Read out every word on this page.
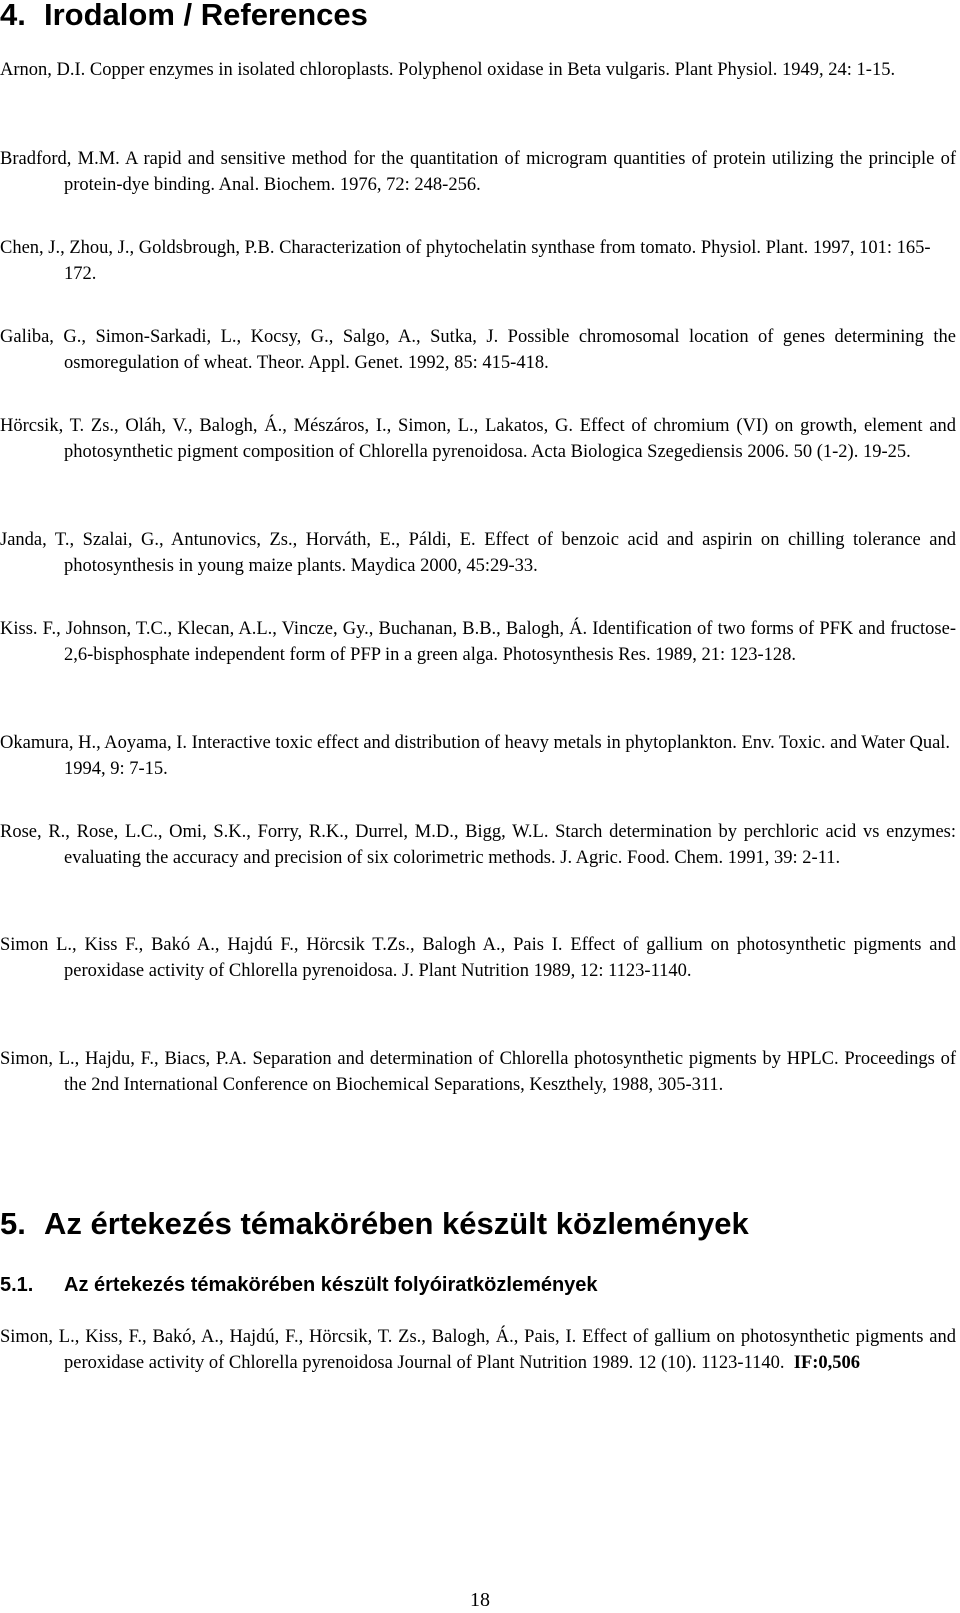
4. Irodalom / References
Arnon, D.I. Copper enzymes in isolated chloroplasts. Polyphenol oxidase in Beta vulgaris. Plant Physiol. 1949, 24: 1-15.
Bradford, M.M. A rapid and sensitive method for the quantitation of microgram quantities of protein utilizing the principle of protein-dye binding. Anal. Biochem. 1976, 72: 248-256.
Chen, J., Zhou, J., Goldsbrough, P.B. Characterization of phytochelatin synthase from tomato. Physiol. Plant. 1997, 101: 165-172.
Galiba, G., Simon-Sarkadi, L., Kocsy, G., Salgo, A., Sutka, J. Possible chromosomal location of genes determining the osmoregulation of wheat. Theor. Appl. Genet. 1992, 85: 415-418.
Hörcsik, T. Zs., Oláh, V., Balogh, Á., Mészáros, I., Simon, L., Lakatos, G. Effect of chromium (VI) on growth, element and photosynthetic pigment composition of Chlorella pyrenoidosa. Acta Biologica Szegediensis 2006. 50 (1-2). 19-25.
Janda, T., Szalai, G., Antunovics, Zs., Horváth, E., Páldi, E. Effect of benzoic acid and aspirin on chilling tolerance and photosynthesis in young maize plants. Maydica 2000, 45:29-33.
Kiss. F., Johnson, T.C., Klecan, A.L., Vincze, Gy., Buchanan, B.B., Balogh, Á. Identification of two forms of PFK and fructose-2,6-bisphosphate independent form of PFP in a green alga. Photosynthesis Res. 1989, 21: 123-128.
Okamura, H., Aoyama, I. Interactive toxic effect and distribution of heavy metals in phytoplankton. Env. Toxic. and Water Qual. 1994, 9: 7-15.
Rose, R., Rose, L.C., Omi, S.K., Forry, R.K., Durrel, M.D., Bigg, W.L. Starch determination by perchloric acid vs enzymes: evaluating the accuracy and precision of six colorimetric methods. J. Agric. Food. Chem. 1991, 39: 2-11.
Simon L., Kiss F., Bakó A., Hajdú F., Hörcsik T.Zs., Balogh A., Pais I. Effect of gallium on photosynthetic pigments and peroxidase activity of Chlorella pyrenoidosa. J. Plant Nutrition 1989, 12: 1123-1140.
Simon, L., Hajdu, F., Biacs, P.A. Separation and determination of Chlorella photosynthetic pigments by HPLC. Proceedings of the 2nd International Conference on Biochemical Separations, Keszthely, 1988, 305-311.
5. Az értekezés témakörében készült közlemények
5.1. Az értekezés témakörében készült folyóiratközlemények
Simon, L., Kiss, F., Bakó, A., Hajdú, F., Hörcsik, T. Zs., Balogh, Á., Pais, I. Effect of gallium on photosynthetic pigments and peroxidase activity of Chlorella pyrenoidosa Journal of Plant Nutrition 1989. 12 (10). 1123-1140. IF:0,506
18
